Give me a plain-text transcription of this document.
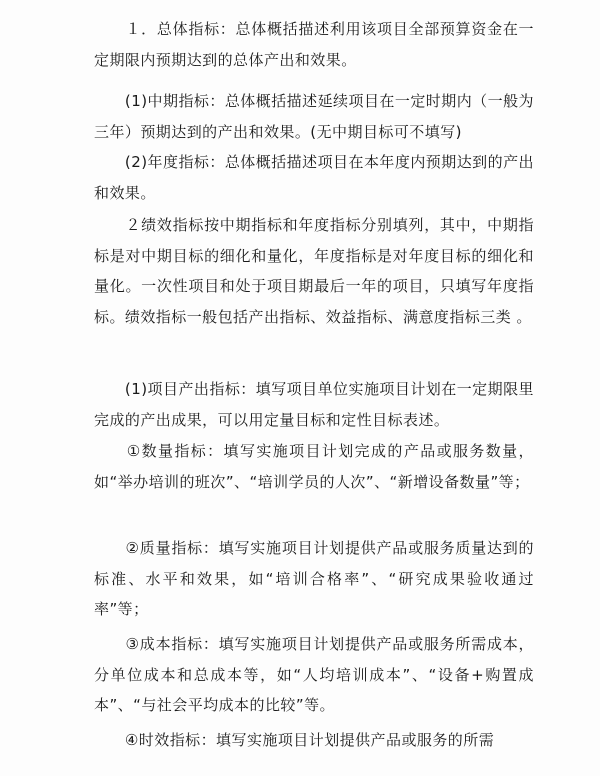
　　１．总体指标：总体概括描述利用该项目全部预算资金在一定期限内预期达到的总体产出和效果。

　　(1)中期指标：总体概括描述延续项目在一定时期内（一般为三年）预期达到的产出和效果。(无中期目标可不填写)

　　(2)年度指标：总体概括描述项目在本年度内预期达到的产出和效果。

　　２绩效指标按中期指标和年度指标分别填列，其中，中期指标是对中期目标的细化和量化，年度指标是对年度目标的细化和量化。一次性项目和处于项目期最后一年的项目，只填写年度指标。绩效指标一般包括产出指标、效益指标、满意度指标三类 。

　　(1)项目产出指标：填写项目单位实施项目计划在一定期限里完成的产出成果，可以用定量目标和定性目标表述。

　　①数量指标：填写实施项目计划完成的产品或服务数量，如“举办培训的班次”、“培训学员的人次”、“新增设备数量”等；

　　②质量指标：填写实施项目计划提供产品或服务质量达到的标准、水平和效果，如“培训合格率”、“研究成果验收通过率”等；

　　③成本指标：填写实施项目计划提供产品或服务所需成本，分单位成本和总成本等，如“人均培训成本”、“设备+购置成本”、“与社会平均成本的比较”等。

　　④时效指标：填写实施项目计划提供产品或服务的所需
